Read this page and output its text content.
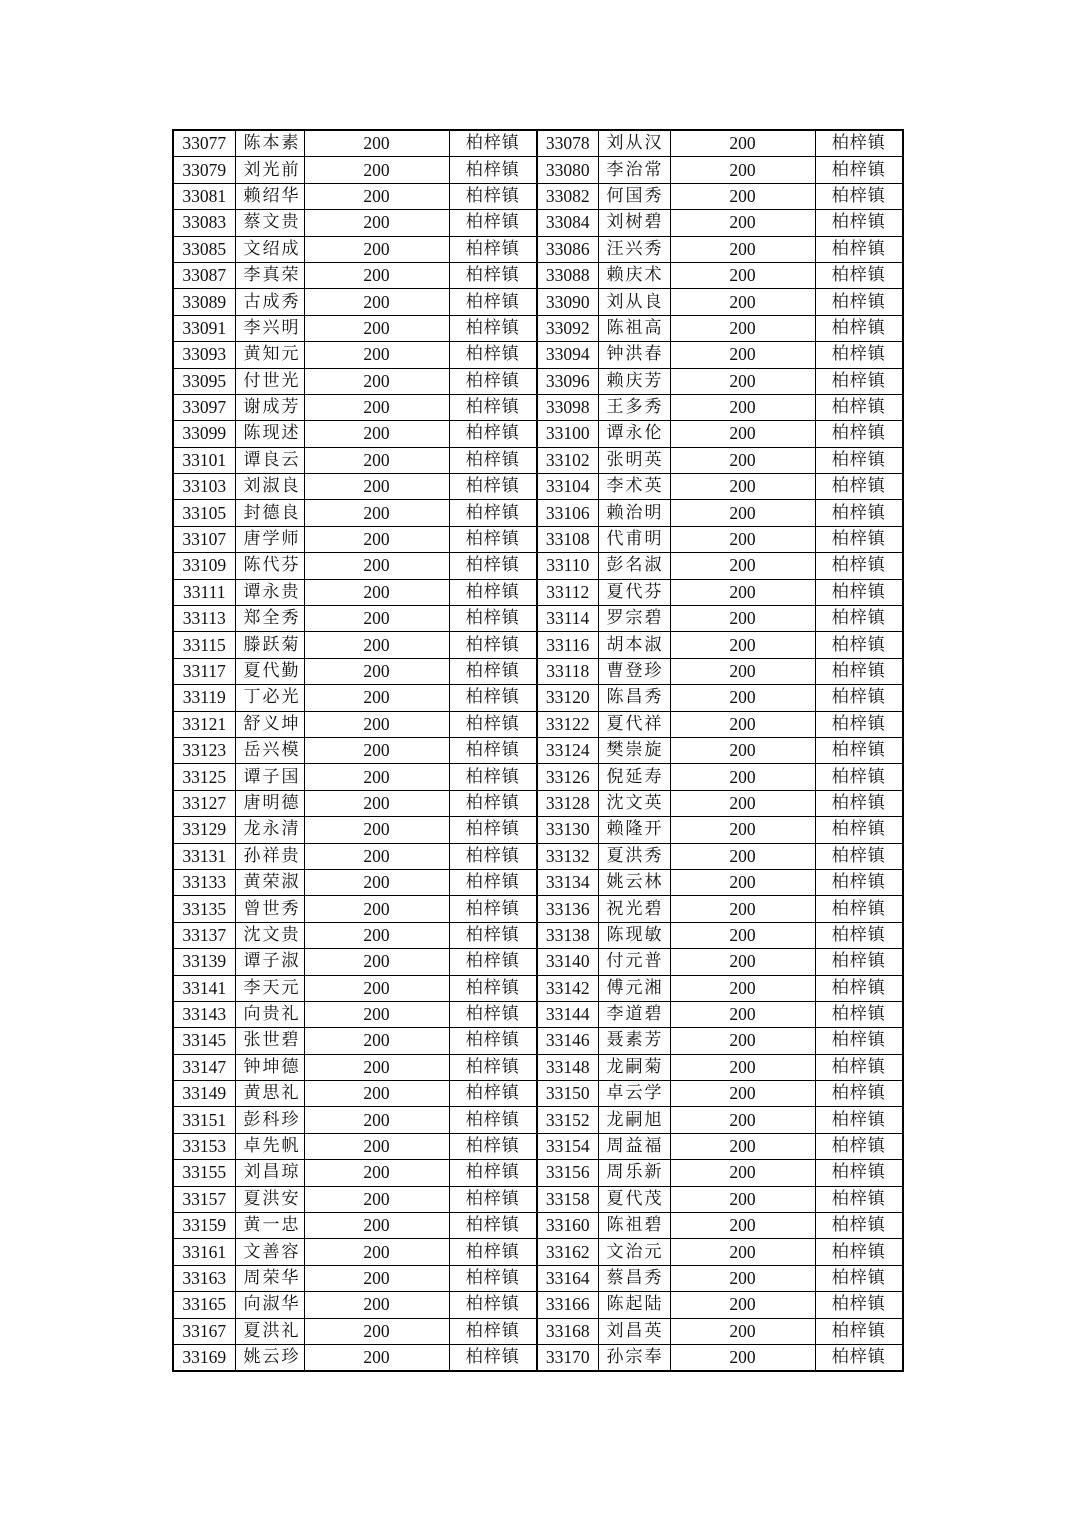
33077	陈本素	200	柏梓镇	33078	刘从汉	200	柏梓镇
33079	刘光前	200	柏梓镇	33080	李治常	200	柏梓镇
33081	赖绍华	200	柏梓镇	33082	何国秀	200	柏梓镇
33083	蔡文贵	200	柏梓镇	33084	刘树碧	200	柏梓镇
33085	文绍成	200	柏梓镇	33086	汪兴秀	200	柏梓镇
33087	李真荣	200	柏梓镇	33088	赖庆术	200	柏梓镇
33089	古成秀	200	柏梓镇	33090	刘从良	200	柏梓镇
33091	李兴明	200	柏梓镇	33092	陈祖高	200	柏梓镇
33093	黄知元	200	柏梓镇	33094	钟洪春	200	柏梓镇
33095	付世光	200	柏梓镇	33096	赖庆芳	200	柏梓镇
33097	谢成芳	200	柏梓镇	33098	王多秀	200	柏梓镇
33099	陈现述	200	柏梓镇	33100	谭永伦	200	柏梓镇
33101	谭良云	200	柏梓镇	33102	张明英	200	柏梓镇
33103	刘淑良	200	柏梓镇	33104	李术英	200	柏梓镇
33105	封德良	200	柏梓镇	33106	赖治明	200	柏梓镇
33107	唐学师	200	柏梓镇	33108	代甫明	200	柏梓镇
33109	陈代芬	200	柏梓镇	33110	彭名淑	200	柏梓镇
33111	谭永贵	200	柏梓镇	33112	夏代芬	200	柏梓镇
33113	郑全秀	200	柏梓镇	33114	罗宗碧	200	柏梓镇
33115	滕跃菊	200	柏梓镇	33116	胡本淑	200	柏梓镇
33117	夏代勤	200	柏梓镇	33118	曹登珍	200	柏梓镇
33119	丁必光	200	柏梓镇	33120	陈昌秀	200	柏梓镇
33121	舒义坤	200	柏梓镇	33122	夏代祥	200	柏梓镇
33123	岳兴模	200	柏梓镇	33124	樊崇旋	200	柏梓镇
33125	谭子国	200	柏梓镇	33126	倪延寿	200	柏梓镇
33127	唐明德	200	柏梓镇	33128	沈文英	200	柏梓镇
33129	龙永清	200	柏梓镇	33130	赖隆开	200	柏梓镇
33131	孙祥贵	200	柏梓镇	33132	夏洪秀	200	柏梓镇
33133	黄荣淑	200	柏梓镇	33134	姚云林	200	柏梓镇
33135	曾世秀	200	柏梓镇	33136	祝光碧	200	柏梓镇
33137	沈文贵	200	柏梓镇	33138	陈现敏	200	柏梓镇
33139	谭子淑	200	柏梓镇	33140	付元普	200	柏梓镇
33141	李天元	200	柏梓镇	33142	傅元湘	200	柏梓镇
33143	向贵礼	200	柏梓镇	33144	李道碧	200	柏梓镇
33145	张世碧	200	柏梓镇	33146	聂素芳	200	柏梓镇
33147	钟坤德	200	柏梓镇	33148	龙嗣菊	200	柏梓镇
33149	黄思礼	200	柏梓镇	33150	卓云学	200	柏梓镇
33151	彭科珍	200	柏梓镇	33152	龙嗣旭	200	柏梓镇
33153	卓先帆	200	柏梓镇	33154	周益福	200	柏梓镇
33155	刘昌琼	200	柏梓镇	33156	周乐新	200	柏梓镇
33157	夏洪安	200	柏梓镇	33158	夏代茂	200	柏梓镇
33159	黄一忠	200	柏梓镇	33160	陈祖碧	200	柏梓镇
33161	文善容	200	柏梓镇	33162	文治元	200	柏梓镇
33163	周荣华	200	柏梓镇	33164	蔡昌秀	200	柏梓镇
33165	向淑华	200	柏梓镇	33166	陈起陆	200	柏梓镇
33167	夏洪礼	200	柏梓镇	33168	刘昌英	200	柏梓镇
33169	姚云珍	200	柏梓镇	33170	孙宗奉	200	柏梓镇
